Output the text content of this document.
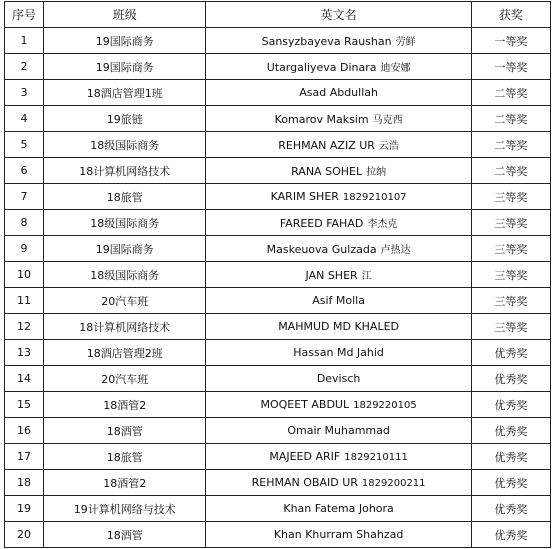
序号	班级	英文名	获奖
1	19国际商务	Sansyzbayeva Raushan 劳鲜	一等奖
2	19国际商务	Utargaliyeva Dinara 迪安娜	一等奖
3	18酒店管理1班	Asad Abdullah	二等奖
4	19旅链	Komarov Maksim 马克西	二等奖
5	18级国际商务	REHMAN AZIZ UR 云浩	二等奖
6	18计算机网络技术	RANA SOHEL 拉纳	二等奖
7	18旅管	KARIM SHER 1829210107	三等奖
8	18级国际商务	FAREED FAHAD 李杰克	三等奖
9	19国际商务	Maskeuova Gulzada 卢热达	三等奖
10	18级国际商务	JAN SHER 江	三等奖
11	20汽车班	Asif Molla	三等奖
12	18计算机网络技术	MAHMUD MD KHALED	三等奖
13	18酒店管理2班	Hassan Md Jahid	优秀奖
14	20汽车班	Devisch	优秀奖
15	18酒管2	MOQEET ABDUL 1829220105	优秀奖
16	18酒管	Omair Muhammad	优秀奖
17	18旅管	MAJEED ARIF 1829210111	优秀奖
18	18酒管2	REHMAN OBAID UR 1829200211	优秀奖
19	19计算机网络与技术	Khan Fatema Johora	优秀奖
20	18酒管	Khan Khurram Shahzad	优秀奖
